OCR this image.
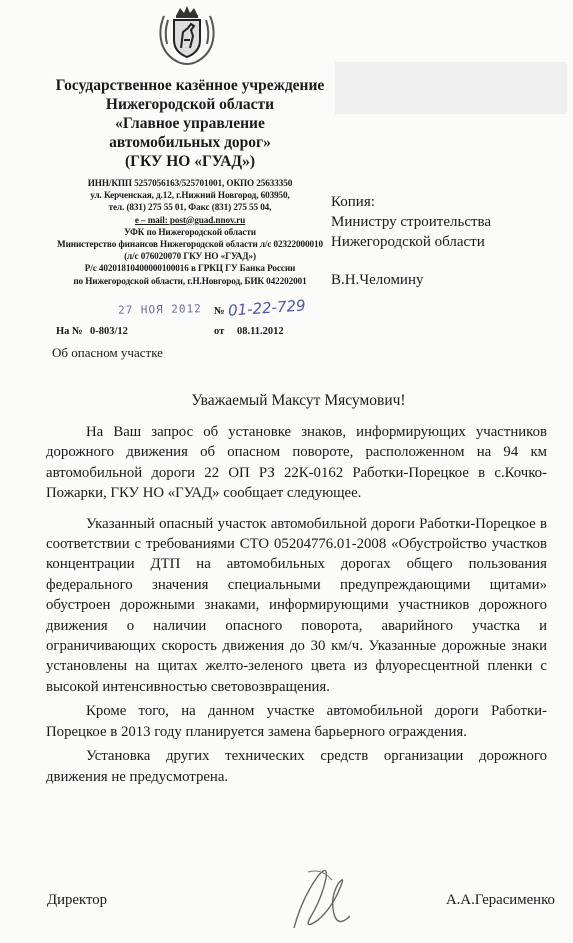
Государственное казённое учреждение
Нижегородской области
«Главное управление
автомобильных дорог»
(ГКУ НО «ГУАД»)
ИНН/КПП 5257056163/525701001, ОКПО 25633350
ул. Керченская, д.12, г.Нижний Новгород, 603950,
тел. (831) 275 55 01, Факс (831) 275 55 04,
е – mail: post@guad.nnov.ru
УФК по Нижегородской области
Министерство финансов Нижегородской области л/с 02322000010
(л/с 076020070 ГКУ НО «ГУАД»)
Р/с 40201810400000100016 в ГРКЦ ГУ Банка России
по Нижегородской области, г.Н.Новгород, БИК 042202001
Копия:
Министру строительства
Нижегородской области
В.Н.Челомину
27 НОЯ 2012 01-22-729
На № 0-803/12
№
от 08.11.2012
Об опасном участке
Уважаемый Максут Мясумович!

На Ваш запрос об установке знаков, информирующих участников дорожного движения об опасном повороте, расположенном на 94 км автомобильной дороги 22 ОП РЗ 22К-0162 Работки-Порецкое в с.Кочко-Пожарки, ГКУ НО «ГУАД» сообщает следующее.

Указанный опасный участок автомобильной дороги Работки-Порецкое в соответствии с требованиями СТО 05204776.01-2008 «Обустройство участков концентрации ДТП на автомобильных дорогах общего пользования федерального значения специальными предупреждающими щитами» обустроен дорожными знаками, информирующими участников дорожного движения о наличии опасного поворота, аварийного участка и ограничивающих скорость движения до 30 км/ч. Указанные дорожные знаки установлены на щитах желто-зеленого цвета из флуоресцентной пленки с высокой интенсивностью световозвращения.

Кроме того, на данном участке автомобильной дороги Работки-Порецкое в 2013 году планируется замена барьерного ограждения.

Установка других технических средств организации дорожного движения не предусмотрена.

Директор	А.А.Герасименко
